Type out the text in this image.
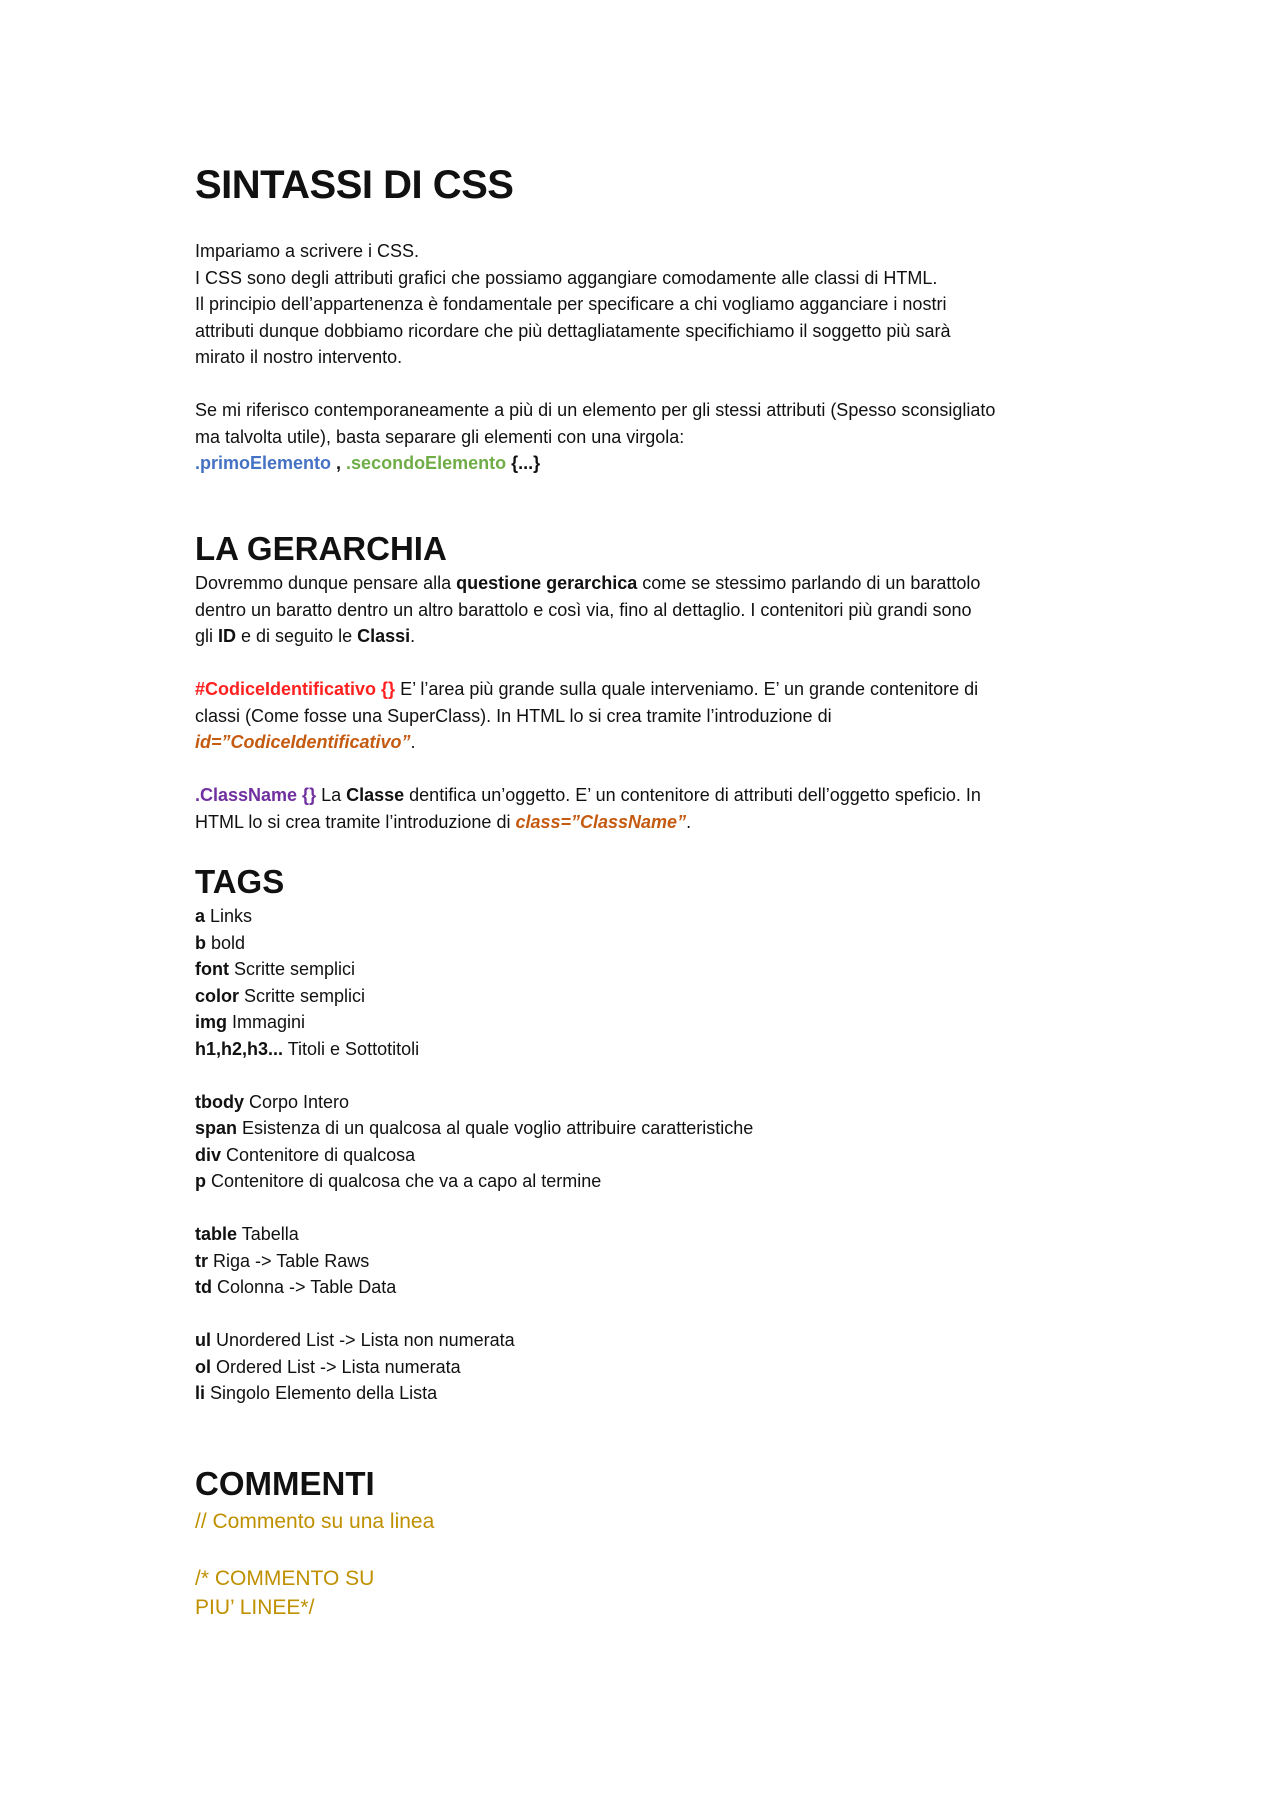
SINTASSI DI CSS

Impariamo a scrivere i CSS.

I CSS sono degli attributi grafici che possiamo aggangiare comodamente alle classi di HTML.

Il principio dell’appartenenza è fondamentale per specificare a chi vogliamo agganciare i nostri

attributi dunque dobbiamo ricordare che più dettagliatamente specifichiamo il soggetto più sarà

mirato il nostro intervento.

Se mi riferisco contemporaneamente a più di un elemento per gli stessi attributi (Spesso sconsigliato

ma talvolta utile), basta separare gli elementi con una virgola:

.primoElemento , .secondoElemento {...}

LA GERARCHIA

Dovremmo dunque pensare alla questione gerarchica come se stessimo parlando di un barattolo

dentro un baratto dentro un altro barattolo e così via, fino al dettaglio. I contenitori più grandi sono

gli ID e di seguito le Classi.

#CodiceIdentificativo {} E’ l’area più grande sulla quale interveniamo. E’ un grande contenitore di

classi (Come fosse una SuperClass). In HTML lo si crea tramite l’introduzione di

id=”CodiceIdentificativo”.

.ClassName {} La Classe dentifica un’oggetto. E’ un contenitore di attributi dell’oggetto speficio. In

HTML lo si crea tramite l’introduzione di class=”ClassName”.

TAGS

a Links

b bold

font Scritte semplici

color Scritte semplici

img Immagini

h1,h2,h3... Titoli e Sottotitoli

tbody Corpo Intero

span Esistenza di un qualcosa al quale voglio attribuire caratteristiche

div Contenitore di qualcosa

p Contenitore di qualcosa che va a capo al termine

table Tabella

tr Riga -> Table Raws

td Colonna -> Table Data

ul Unordered List -> Lista non numerata

ol Ordered List -> Lista numerata

li Singolo Elemento della Lista

COMMENTI
// Commento su una linea
/* COMMENTO SU
PIU’ LINEE*/
